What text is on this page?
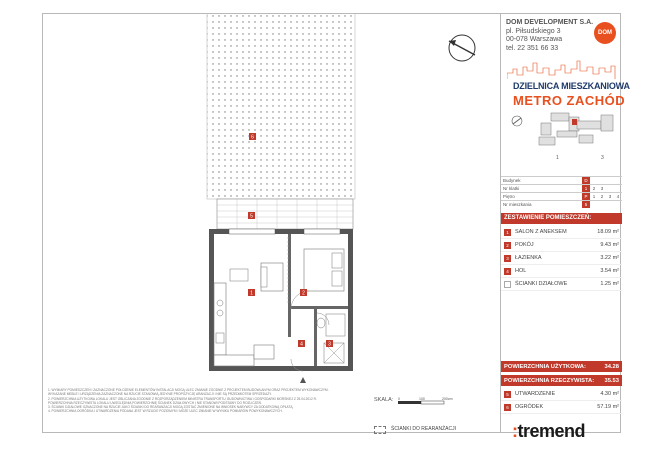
6
5
1	2
3
4
DOM DEVELOPMENT S.A.
pl. Piłsudskiego 3
00-078 Warszawa
tel. 22 351 66 33
DOM
DZIELNICA MIESZKANIOWA
METRO ZACHÓD
1	3
Budynek	D				
Nr klatki	1	2	3		
Piętro	P	1	2	3	4
Nr mieszkania	5				
ZESTAWIENIE POMIESZCZEŃ:
1	SALON Z ANEKSEM	18.09 m²
2	POKÓJ	9.43 m²
3	ŁAZIENKA	3.22 m²
4	HOL	3.54 m²
ŚCIANKI DZIAŁOWE	1.25 m²
POWIERZCHNIA UŻYTKOWA:	34.28
POWIERZCHNIA RZECZYWISTA:	35.53
5	UTWARDZENIE	4.30 m²
6	OGRÓDEK	57.19 m²
1. WYMIARY POMIESZCZEŃ I ZAZNACZONE POŁOŻENIE ELEMENTÓW INSTALACJI MOGĄ ULEC ZMIANIE ZGODNIE Z PROJEKTEM BUDOWLANYM ORAZ PROJEKTEM WYKONAWCZYM.
WYKAZANE MEBLE I URZĄDZENIA ZAZNACZONE NA RZUCIE STANOWIĄ JEDYNIE PROPOZYCJĘ ARANŻACJI I NIE SĄ PRZEDMIOTEM SPRZEDAŻY.
2. POWIERZCHNIA UŻYTKOWA LOKALU JEST OBLICZANA ZGODNIE Z ROZPORZĄDZENIEM MINISTRA TRANSPORTU, BUDOWNICTWA I GOSPODARKI MORSKIEJ Z 25.04.2012 R.
POWIERZCHNIA RZECZYWISTA LOKALU UWZGLĘDNIA POWIERZCHNIĘ ŚCIANEK DZIAŁOWYCH I NIE STANOWI PODSTAWY DO ROZLICZEŃ.
3. ŚCIANKI DZIAŁOWE OZNACZONE NA RZUCIE JAKO ŚCIANKI DO REARANŻACJI MOGĄ ZOSTAĆ ZMIENIONE NA WNIOSEK NABYWCY ZA DODATKOWĄ OPŁATĄ.
4. POWIERZCHNIA OGRÓDKA I UTWARDZENIA PODANA JEST W RZUCIE POZIOMYM I MOŻE ULEC ZMIANIE W WYNIKU POMIARÓW POWYKONAWCZYCH.
SKALA: 0	100	200cm
ŚCIANKI DO REARANŻACJI	:tremend
